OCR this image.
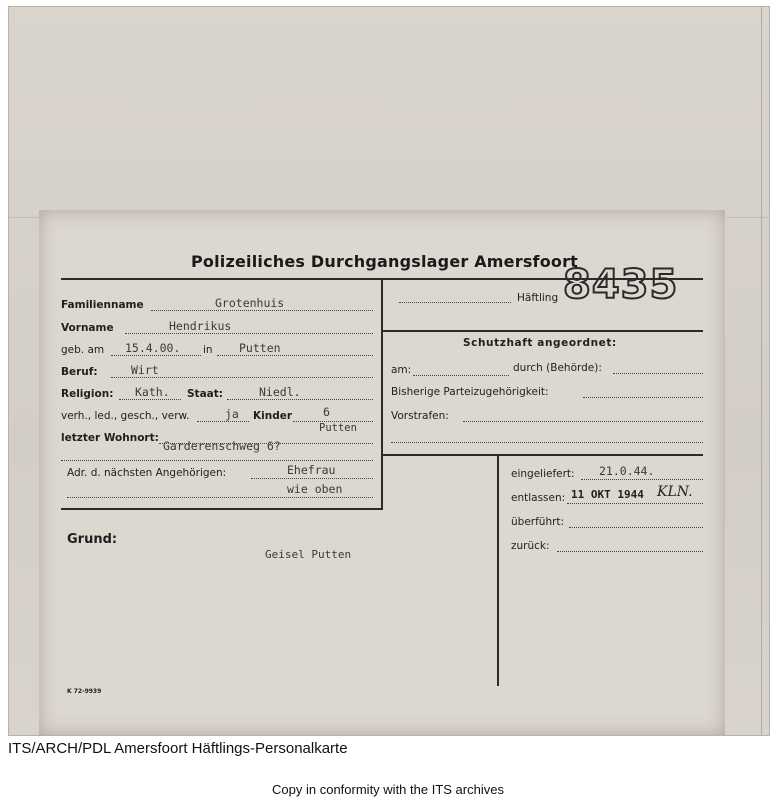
Polizeiliches Durchgangslager Amersfoort
Häftling 8435
Familienname	Grotenhuis
Vorname	Hendrikus
geb. am 15.4.00. in Putten
Beruf:	Wirt
Religion: Kath. Staat:	Niedl.
verh., led., gesch., verw.	ja Kinder	6
letzter Wohnort:
Putten
Garderenschweg 6?
Adr. d. nächsten Angehörigen:	Ehefrau
wie oben
Schutzhaft angeordnet:
am:	durch (Behörde):
Bisherige Parteizugehörigkeit:
Vorstrafen:
Grund:
Geisel Putten
eingeliefert: 21.0.44.
entlassen: 11 OKT 1944 KLN.
überführt:
zurück:
K 72-9939
ITS/ARCH/PDL Amersfoort Häftlings-Personalkarte
Copy in conformity with the ITS archives
